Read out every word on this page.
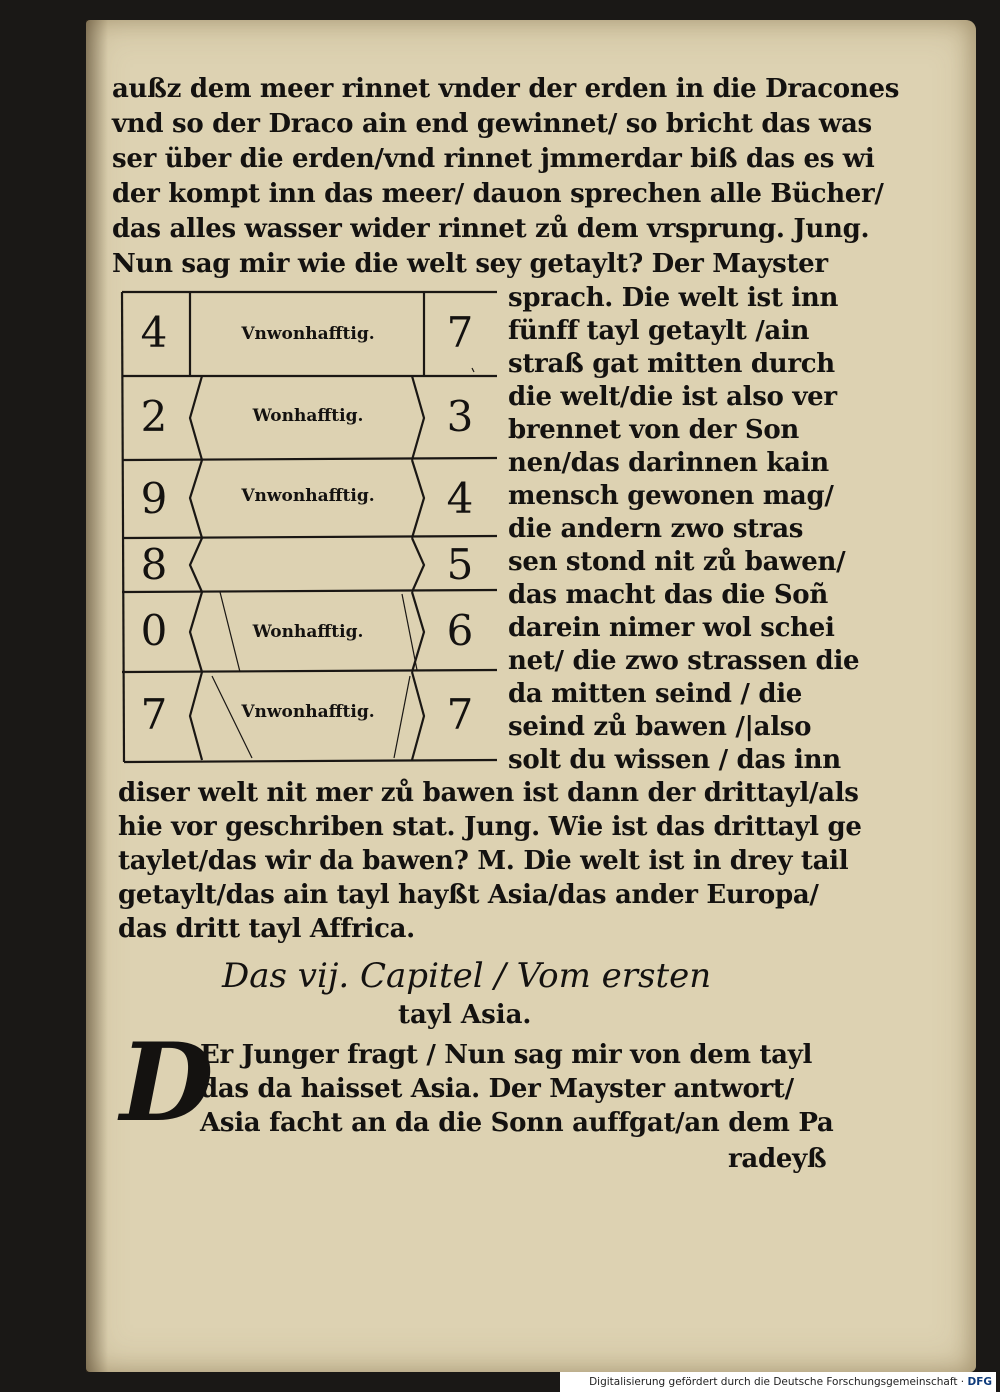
außz dem meer rinnet vnder der erden in die Dracones
vnd so der Draco ain end gewinnet/ so bricht das was
ser über die erden/vnd rinnet jmmerdar biß das es wi
der kompt inn das meer/ dauon sprechen alle Bücher/
das alles wasser wider rinnet zů dem vrsprung. Jung.
Nun sag mir wie die welt sey getaylt? Der Mayster
4	Vnwonhafftig.	7
2	Wonhafftig.	3
9	Vnwonhafftig.	4
8	5
0	Wonhafftig.	6
7	Vnwonhafftig.	7
sprach. Die welt ist inn
fünff tayl getaylt /ain
straß gat mitten durch
die welt/die ist also ver
brennet von der Son
nen/das darinnen kain
mensch gewonen mag/
die andern zwo stras
sen stond nit zů bawen/
das macht das die Soñ
darein nimer wol schei
net/ die zwo strassen die
da mitten seind / die
seind zů bawen /|also
solt du wissen / das inn
diser welt nit mer zů bawen ist dann der drittayl/als
hie vor geschriben stat. Jung. Wie ist das drittayl ge
taylet/das wir da bawen? M. Die welt ist in drey tail
getaylt/das ain tayl hayßt Asia/das ander Europa/
das dritt tayl Affrica.
Das vij. Capitel / Vom ersten
tayl Asia.
D
Er Junger fragt / Nun sag mir von dem tayl
das da haisset Asia. Der Mayster antwort/
Asia facht an da die Sonn auffgat/an dem Pa
radeyß
Digitalisierung gefördert durch die Deutsche Forschungsgemeinschaft · DFG
